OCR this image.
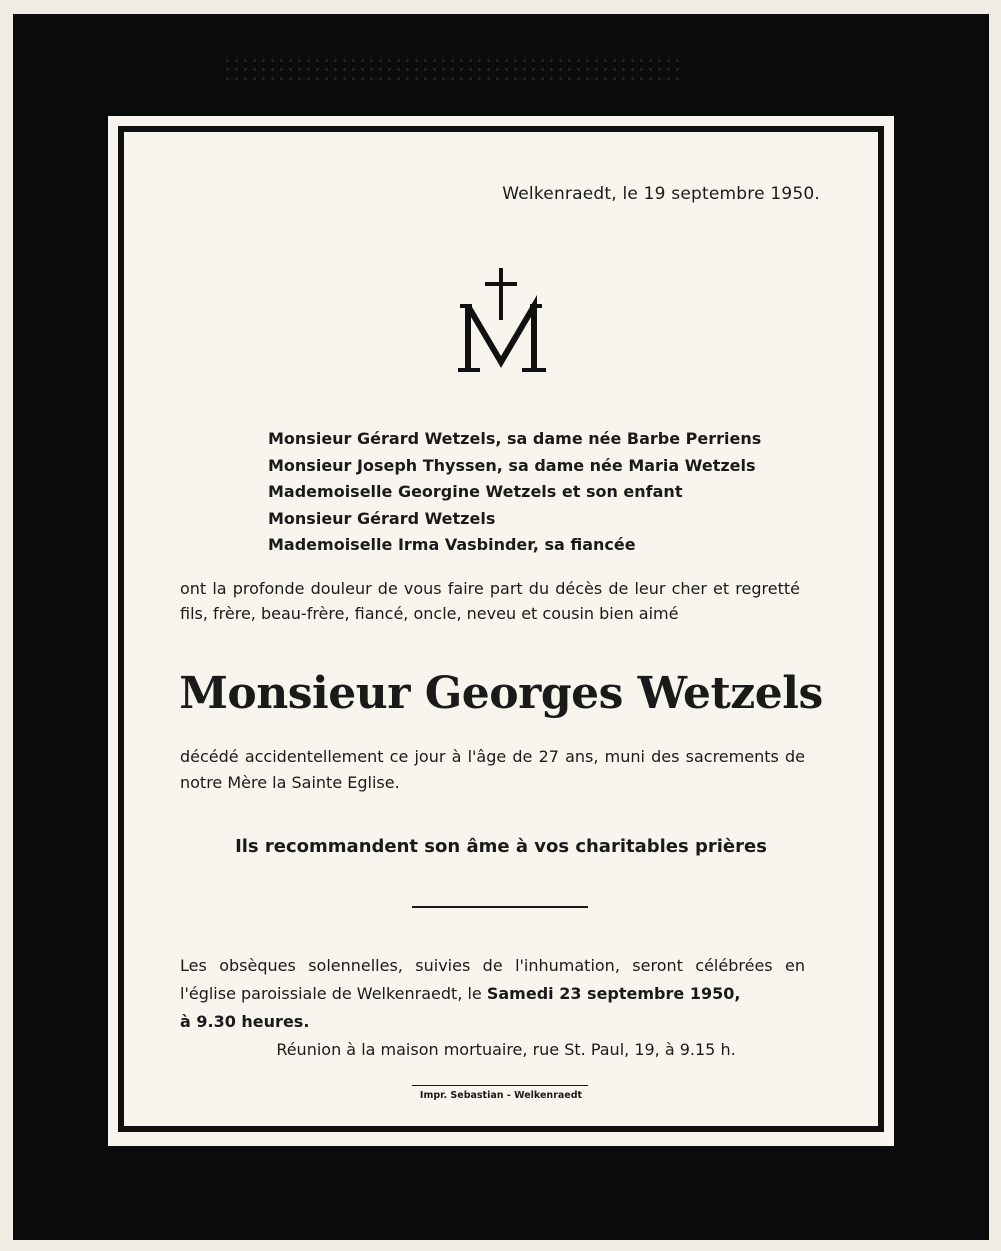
Welkenraedt, le 19 septembre 1950.
Monsieur Gérard Wetzels, sa dame née Barbe Perriens
Monsieur Joseph Thyssen, sa dame née Maria Wetzels
Mademoiselle Georgine Wetzels et son enfant
Monsieur Gérard Wetzels
Mademoiselle Irma Vasbinder, sa fiancée

ont la profonde douleur de vous faire part du décès de leur cher et regretté fils, frère, beau-frère, fiancé, oncle, neveu et cousin bien aimé

Monsieur Georges Wetzels
décédé accidentellement ce jour à l'âge de 27 ans, muni des sacrements de notre Mère la Sainte Eglise.
Ils recommandent son âme à vos charitables prières
Les obsèques solennelles, suivies de l'inhumation, seront célébrées en l'église paroissiale de Welkenraedt, le Samedi 23 septembre 1950,
à 9.30 heures.
Réunion à la maison mortuaire, rue St. Paul, 19, à 9.15 h.
Impr. Sebastian - Welkenraedt
